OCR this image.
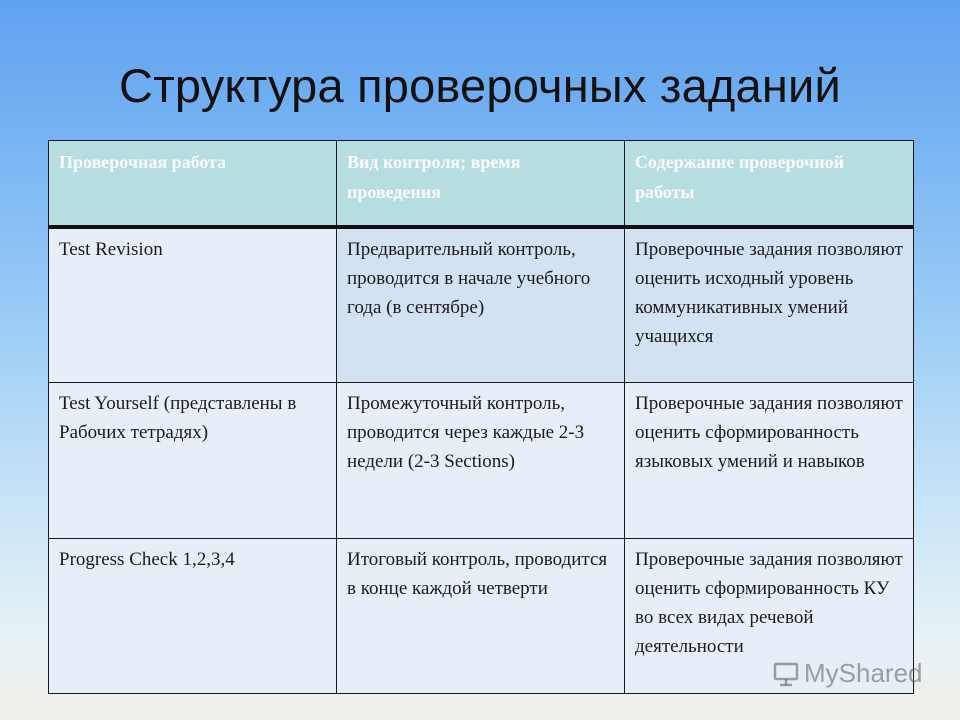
Структура проверочных заданий
Проверочная работа	Вид контроля; время проведения	Содержание проверочной работы
Test Revision	Предварительный контроль, проводится в начале учебного года (в сентябре)	Проверочные задания позволяют оценить исходный уровень коммуникативных умений учащихся
Test Yourself (представлены в Рабочих тетрадях)	Промежуточный контроль, проводится через каждые 2-3 недели (2-3 Sections)	Проверочные задания позволяют оценить сформированность языковых умений и навыков
Progress Check 1,2,3,4	Итоговый контроль, проводится в конце каждой четверти	Проверочные задания позволяют оценить сформированность КУ во всех видах речевой деятельности
MyShared
